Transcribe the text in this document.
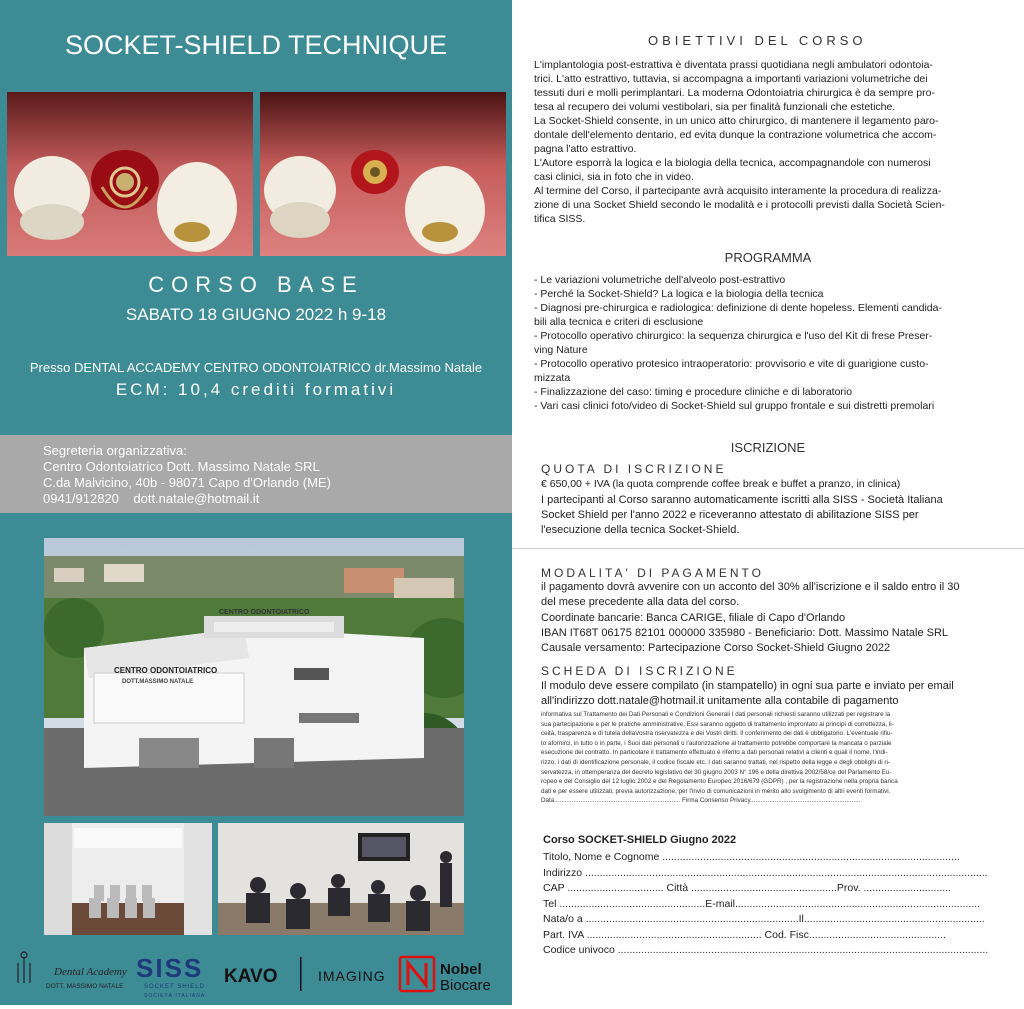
SOCKET-SHIELD TECHNIQUE
CORSO BASE
SABATO 18 GIUGNO 2022 h 9-18
Presso DENTAL ACCADEMY CENTRO ODONTOIATRICO dr.Massimo Natale
ECM: 10,4 crediti formativi
Segreteria organizzativa:
Centro Odontoiatrico Dott. Massimo Natale SRL
C.da Malvicino, 40b - 98071 Capo d'Orlando (ME)
0941/912820 dott.natale@hotmail.it
CENTRO ODONTOIATRICO
CENTRO ODONTOIATRICO
DOTT.MASSIMO NATALE
Dental Academy
DOTT. MASSIMO NATALE
SISS
SOCKET SHIELD
SOCIETÀ ITALIANA
KAVO	IMAGING	Nobel
Biocare
OBIETTIVI DEL CORSO
L'implantologia post-estrattiva è diventata prassi quotidiana negli ambulatori odontoia-
trici. L'atto estrattivo, tuttavia, si accompagna a importanti variazioni volumetriche dei
tessuti duri e molli perimplantari. La moderna Odontoiatria chirurgica è da sempre pro-
tesa al recupero dei volumi vestibolari, sia per finalità funzionali che estetiche.
La Socket-Shield consente, in un unico atto chirurgico, di mantenere il legamento paro-
dontale dell'elemento dentario, ed evita dunque la contrazione volumetrica che accom-
pagna l'atto estrattivo.
L'Autore esporrà la logica e la biologia della tecnica, accompagnandole con numerosi
casi clinici, sia in foto che in video.
Al termine del Corso, il partecipante avrà acquisito interamente la procedura di realizza-
zione di una Socket Shield secondo le modalità e i protocolli previsti dalla Società Scien-
tifica SISS.
PROGRAMMA
- Le variazioni volumetriche dell'alveolo post-estrattivo
- Perché la Socket-Shield? La logica e la biologia della tecnica
- Diagnosi pre-chirurgica e radiologica: definizione di dente hopeless. Elementi candida-
bili alla tecnica e criteri di esclusione
- Protocollo operativo chirurgico: la sequenza chirurgica e l'uso del Kit di frese Preser-
ving Nature
- Protocollo operativo protesico intraoperatorio: provvisorio e vite di guarigione custo-
mizzata
- Finalizzazione del caso: timing e procedure cliniche e di laboratorio
- Vari casi clinici foto/video di Socket-Shield sul gruppo frontale e sui distretti premolari
ISCRIZIONE
QUOTA DI ISCRIZIONE
€ 650,00 + IVA (la quota comprende coffee break e buffet a pranzo, in clinica)
I partecipanti al Corso saranno automaticamente iscritti alla SISS - Società Italiana
Socket Shield per l'anno 2022 e riceveranno attestato di abilitazione SISS per
l'esecuzione della tecnica Socket-Shield.
MODALITA' DI PAGAMENTO
il pagamento dovrà avvenire con un acconto del 30% all'iscrizione e il saldo entro il 30
del mese precedente alla data del corso.
Coordinate bancarie: Banca CARIGE, filiale di Capo d'Orlando
IBAN IT68T 06175 82101 000000 335980 - Beneficiario: Dott. Massimo Natale SRL
Causale versamento: Partecipazione Corso Socket-Shield Giugno 2022
SCHEDA DI ISCRIZIONE
Il modulo deve essere compilato (in stampatello) in ogni sua parte e inviato per email
all'indirizzo dott.natale@hotmail.it unitamente alla contabile di pagamento
informativa sul Trattamento dei Dati Personali e Condizioni Generali I dati personali richiesti saranno utilizzati per registrare la
sua partecipazione e per le pratiche amministrative. Essi saranno oggetto di trattamento improntato ai principi di correttezza, li-
ceità, trasparenza e di tutela dellaVostra riservatezza e dei Vostri diritti. Il conferimento dei dati è obbligatorio. L'eventuale rifiu-
to afornirci, in tutto o in parte, i Suoi dati personali o l'autorizzazione al trattamento potrebbe comportare la mancata o parziale
esecuzione del contratto. In particolare il trattamento effettuato è riferito a dati personali relativi a clienti e quali il nome, l'indi-
rizzo, i dati di identificazione personale, il codice fiscale etc. I dati saranno trattati, nel rispetto della legge e degli obblighi di ri-
servatezza, in ottemperanza del decreto legislativo del 30 giugno 2003 N° 196 e della direttiva 2002/58/ce del Parlamento Eu-
ropeo e del Consiglio del 12 luglio 2002 e del Regolamento Europeo 2016/679 (GDPR) , per la registrazione nella propria banca
dati e per essere utilizzati, previa autorizzazione, per l'invio di comunicazioni in merito allo svolgimento di altri eventi formativi.
Data........................................................................ Firma Consenso Privacy...............................................................
Corso SOCKET-SHIELD Giugno 2022
Titolo, Nome e Cognome ......................................................................................................
Indirizzo ..........................................................................................................................................
CAP ................................. Città ..................................................Prov. ..............................
Tel ..................................................E-mail....................................................................................
Nata/o a .........................................................................Il..............................................................
Part. IVA ............................................................ Cod. Fisc...............................................
Codice univoco ...............................................................................................................................
